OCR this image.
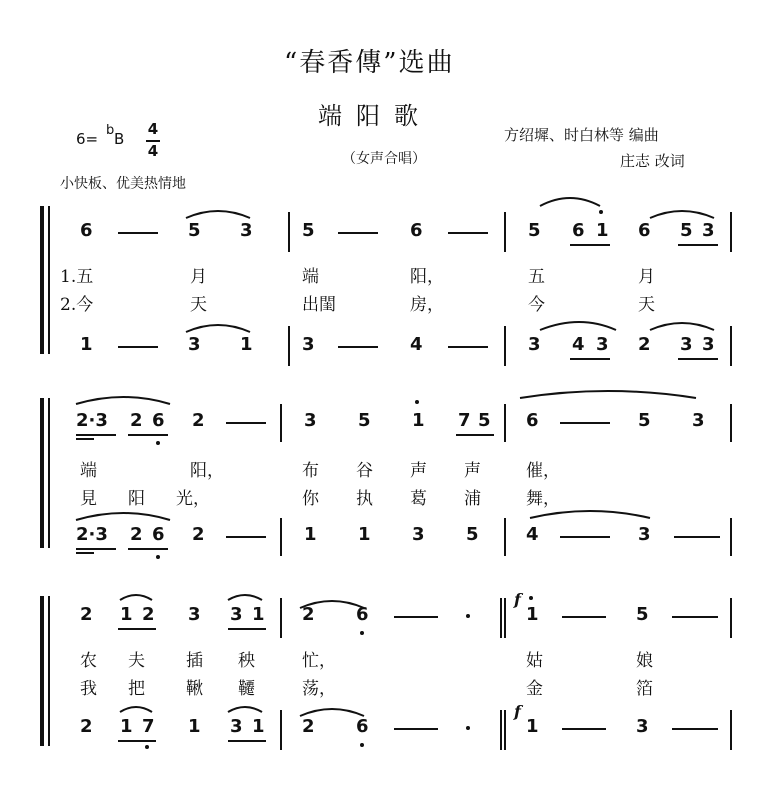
“春香傳”选曲
端阳歌
（女声合唱）
6= b B
4
4
小快板、优美热情地
方绍墀、时白林等 编曲
庄志 改词
6	5 3	5	6	5 6 1 6 5 3
1.五	月	端	阳，	五	月
2.今	天	出閨	房，	今	天
1	3 1	3	4	3 4 3 2 3 3
2·3 2 6 2	3 5 1 7 5 6	5 3
端	阳，	布 谷 声 声	催，
見 阳 光，	你 执 葛 浦	舞，
2·3 2 6 2	1 1 3 5	4	3
2 1 2 3 3 1 2 6
f
1	5
农 夫 插 秧	忙，	姑	娘
我 把 鞦 韆	荡，	金	箔
2 1 7 1 3 1 2 6
f
1	3
